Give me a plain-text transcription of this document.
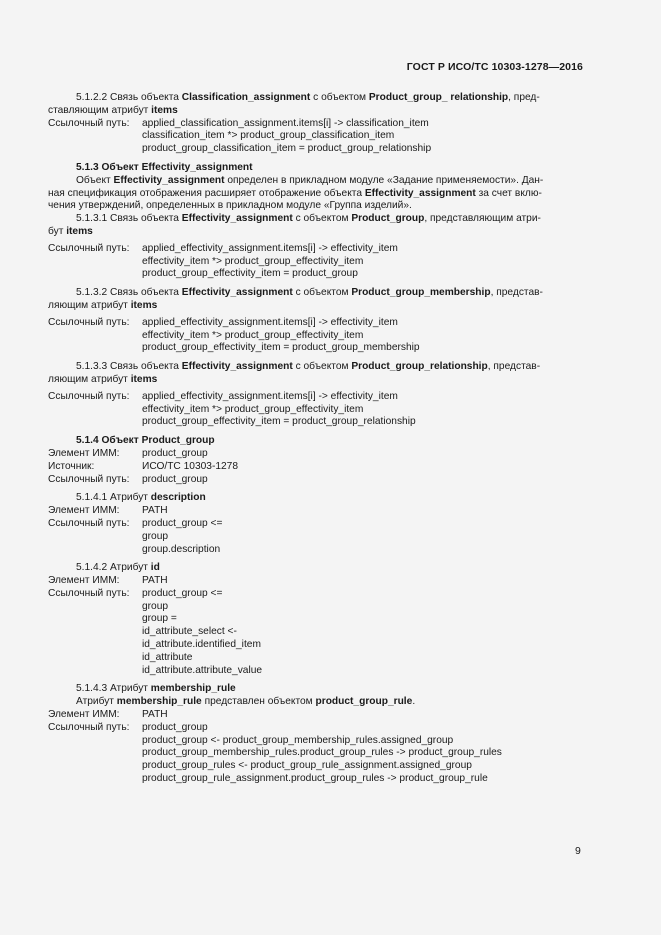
ГОСТ Р ИСО/ТС 10303-1278—2016

5.1.2.2 Связь объекта Classification_assignment с объектом Product_group_ relationship, пред-

ставляющим атрибут items

Ссылочный путь:	applied_classification_assignment.items[i] -> classification_item
classification_item *> product_group_classification_item
product_group_classification_item = product_group_relationship

5.1.3 Объект Effectivity_assignment

Объект Effectivity_assignment определен в прикладном модуле «Задание применяемости». Дан-

ная спецификация отображения расширяет отображение объекта Effectivity_assignment за счет вклю-

чения утверждений, определенных в прикладном модуле «Группа изделий».

5.1.3.1 Связь объекта Effectivity_assignment с объектом Product_group, представляющим атри-

бут items

Ссылочный путь:	applied_effectivity_assignment.items[i] -> effectivity_item
effectivity_item *> product_group_effectivity_item
product_group_effectivity_item = product_group

5.1.3.2 Связь объекта Effectivity_assignment с объектом Product_group_membership, представ-

ляющим атрибут items

Ссылочный путь:	applied_effectivity_assignment.items[i] -> effectivity_item
effectivity_item *> product_group_effectivity_item
product_group_effectivity_item = product_group_membership

5.1.3.3 Связь объекта Effectivity_assignment с объектом Product_group_relationship, представ-

ляющим атрибут items

Ссылочный путь:	applied_effectivity_assignment.items[i] -> effectivity_item
effectivity_item *> product_group_effectivity_item
product_group_effectivity_item = product_group_relationship

5.1.4 Объект Product_group

Элемент ИММ:	product_group
Источник:	ИСО/ТС 10303-1278
Ссылочный путь:	product_group

5.1.4.1 Атрибут description

Элемент ИММ:	PATH
Ссылочный путь:	product_group <=
group
group.description

5.1.4.2 Атрибут id

Элемент ИММ:	PATH
Ссылочный путь:	product_group <=
group
group =
id_attribute_select <-
id_attribute.identified_item
id_attribute
id_attribute.attribute_value

5.1.4.3 Атрибут membership_rule

Атрибут membership_rule представлен объектом product_group_rule.

Элемент ИММ:	PATH
Ссылочный путь:	product_group
product_group <- product_group_membership_rules.assigned_group
product_group_membership_rules.product_group_rules -> product_group_rules
product_group_rules <- product_group_rule_assignment.assigned_group
product_group_rule_assignment.product_group_rules -> product_group_rule
9
